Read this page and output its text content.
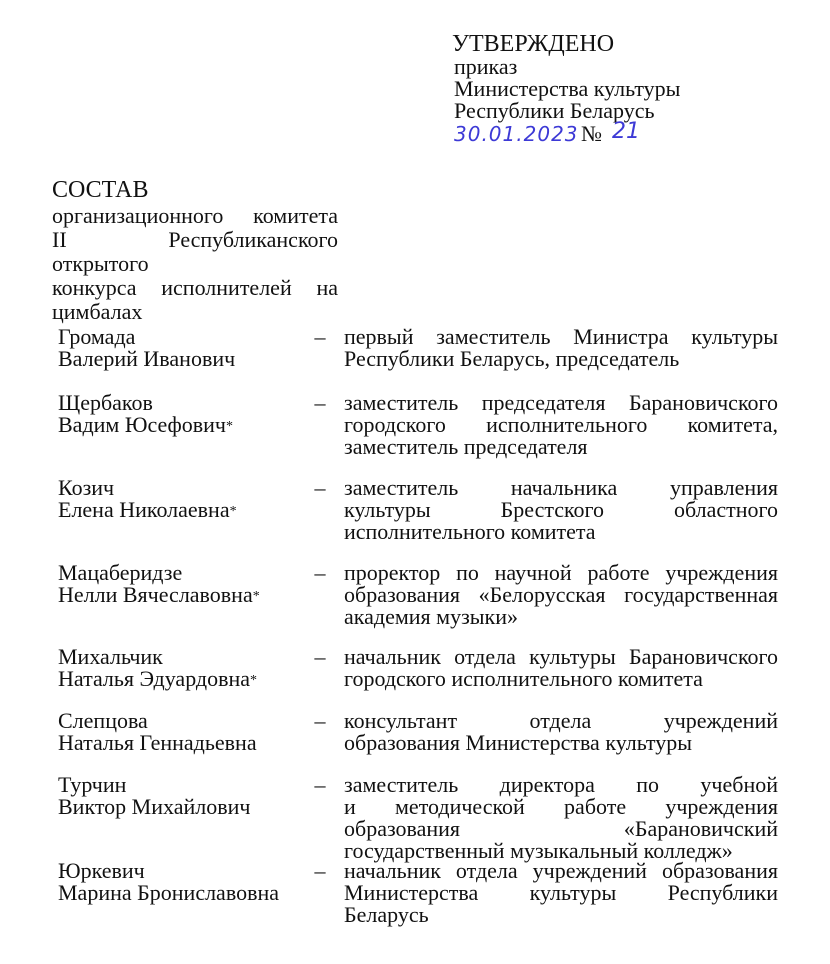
УТВЕРЖДЕНО
приказ
Министерства культуры
Республики Беларусь
30.01.2023 № 21
СОСТАВ
организационного комитета
II Республиканского открытого
конкурса исполнителей на
цимбалах
Громада
Валерий Иванович
– первый заместитель Министра культуры
Республики Беларусь, председатель
Щербаков
Вадим Юсефович*
– заместитель председателя Барановичского
городского исполнительного комитета,
заместитель председателя
Козич
Елена Николаевна*
– заместитель начальника управления
культуры Брестского областного
исполнительного комитета
Мацаберидзе
Нелли Вячеславовна*
– проректор по научной работе учреждения
образования «Белорусская государственная
академия музыки»
Михальчик
Наталья Эдуардовна*
– начальник отдела культуры Барановичского
городского исполнительного комитета
Слепцова
Наталья Геннадьевна
– консультант отдела учреждений
образования Министерства культуры
Турчин
Виктор Михайлович
– заместитель директора по учебной
и методической работе учреждения
образования «Барановичский
государственный музыкальный колледж»
Юркевич
Марина Брониславовна
– начальник отдела учреждений образования
Министерства культуры Республики
Беларусь
